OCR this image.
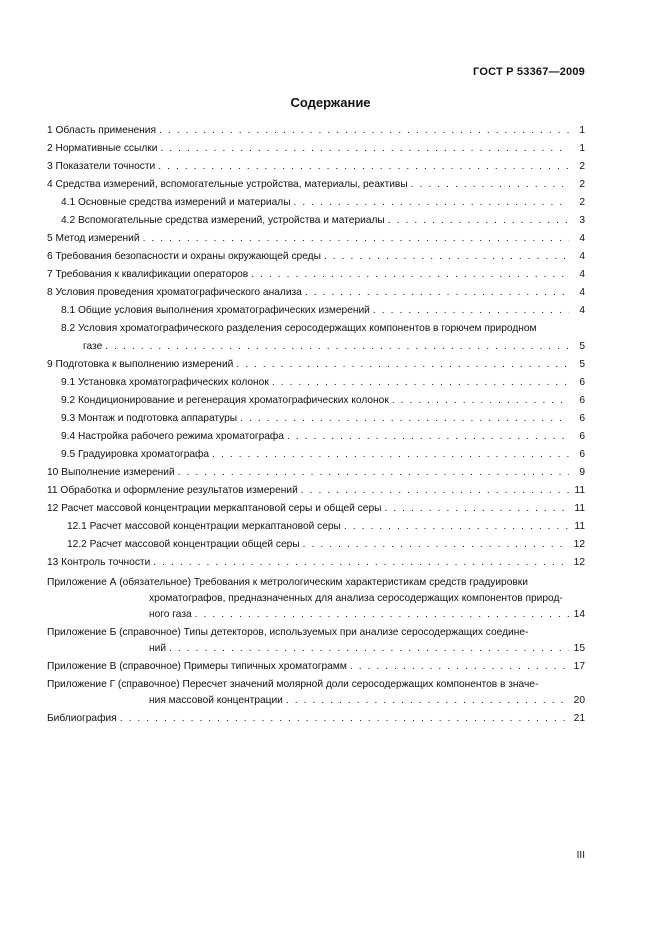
ГОСТ Р 53367—2009
Содержание
1 Область применения . . .	1
2 Нормативные ссылки . . .	1
3 Показатели точности . . .	2
4 Средства измерений, вспомогательные устройства, материалы, реактивы . . .	2
4.1 Основные средства измерений и материалы . . .	2
4.2 Вспомогательные средства измерений, устройства и материалы . . .	3
5 Метод измерений . . .	4
6 Требования безопасности и охраны окружающей среды . . .	4
7 Требования к квалификации операторов . . .	4
8 Условия проведения хроматографического анализа . . .	4
8.1 Общие условия выполнения хроматографических измерений . . .	4
8.2 Условия хроматографического разделения серосодержащих компонентов в горючем природном
газе . . .	5
9 Подготовка к выполнению измерений . . .	5
9.1 Установка хроматографических колонок . . .	6
9.2 Кондиционирование и регенерация хроматографических колонок . . .	6
9.3 Монтаж и подготовка аппаратуры . . .	6
9.4 Настройка рабочего режима хроматографа . . .	6
9.5 Градуировка хроматографа . . .	6
10 Выполнение измерений . . .	9
11 Обработка и оформление результатов измерений . . .	11
12 Расчет массовой концентрации меркаптановой серы и общей серы . . .	11
12.1 Расчет массовой концентрации меркаптановой серы . . .	11
12.2 Расчет массовой концентрации общей серы . . .	12
13 Контроль точности . . .	12
Приложение А (обязательное) Требования к метрологическим характеристикам средств градуировки
хроматографов, предназначенных для анализа серосодержащих компонентов природ-
ного газа . . .	14
Приложение Б (справочное) Типы детекторов, используемых при анализе серосодержащих соедине-
ний . . .	15
Приложение В (справочное) Примеры типичных хроматограмм . . .	17
Приложение Г (справочное) Пересчет значений молярной доли серосодержащих компонентов в значе-
ния массовой концентрации . . .	20
Библиография . . .	21
III
